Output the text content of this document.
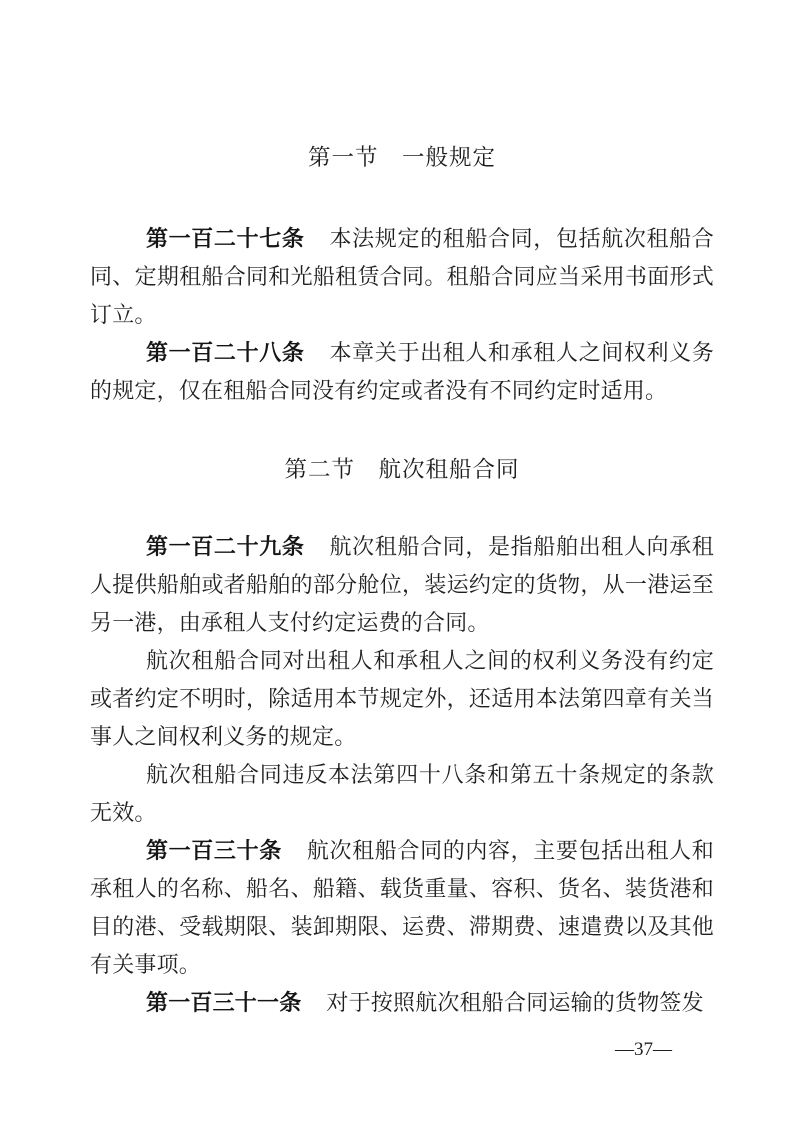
第一节　一般规定

第一百二十七条 本法规定的租船合同，包括航次租船合同、定期租船合同和光船租赁合同。租船合同应当采用书面形式订立。

第一百二十八条 本章关于出租人和承租人之间权利义务的规定，仅在租船合同没有约定或者没有不同约定时适用。

第二节　航次租船合同

第一百二十九条 航次租船合同，是指船舶出租人向承租人提供船舶或者船舶的部分舱位，装运约定的货物，从一港运至另一港，由承租人支付约定运费的合同。

航次租船合同对出租人和承租人之间的权利义务没有约定或者约定不明时，除适用本节规定外，还适用本法第四章有关当事人之间权利义务的规定。

航次租船合同违反本法第四十八条和第五十条规定的条款无效。

第一百三十条 航次租船合同的内容，主要包括出租人和承租人的名称、船名、船籍、载货重量、容积、货名、装货港和目的港、受载期限、装卸期限、运费、滞期费、速遣费以及其他有关事项。

第一百三十一条 对于按照航次租船合同运输的货物签发

—37—
